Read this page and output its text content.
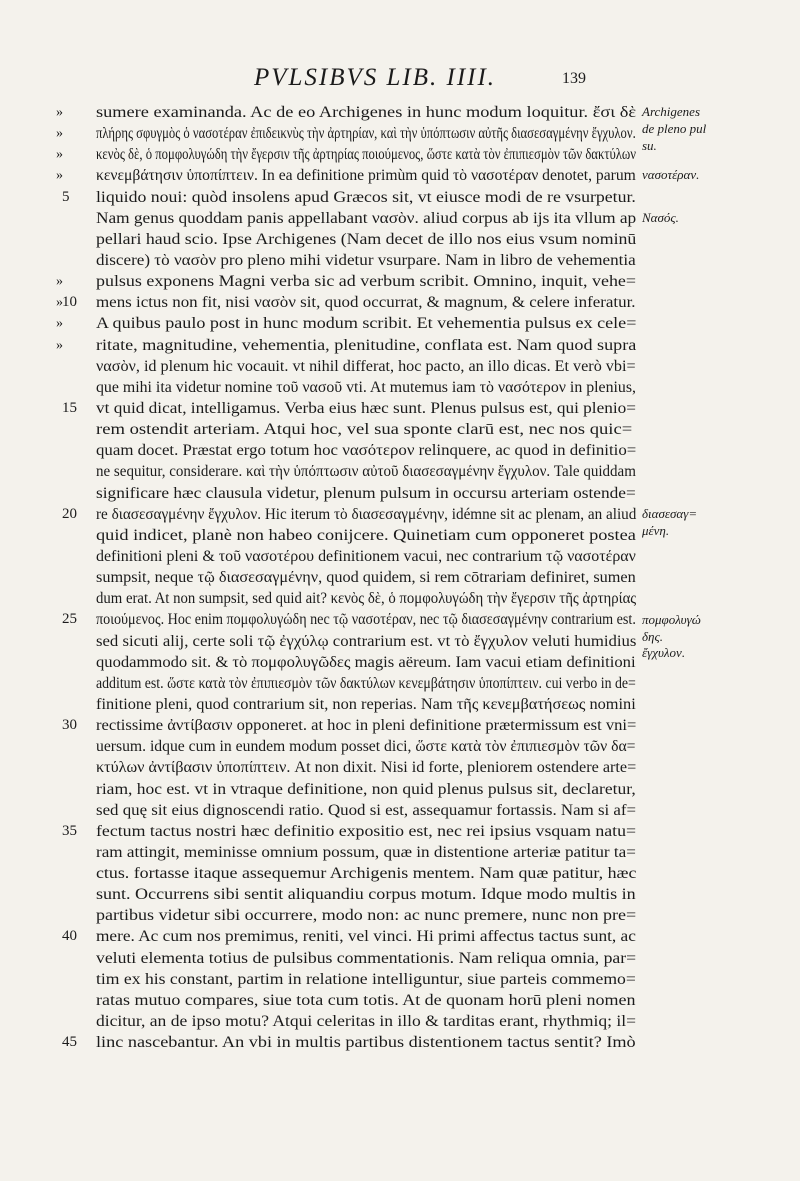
PVLSIBVS LIB. IIII.	139
» sumere examinanda. Ac de eo Archigenes in hunc modum loquitur. ἔσι δὲ
» πλήρης σφυγμὸς ὁ νασοτέραν ἐπιδεικνὺς τὴν ἀρτηρίαν, καὶ τὴν ὑπόπτωσιν αὐτῆς διασεσαγμένην ἔγχυλον.
» κενὸς δὲ, ὁ πομφολυγώδη τὴν ἔγερσιν τῆς ἀρτηρίας ποιούμενος, ὥστε κατὰ τὸν ἐπιπιεσμὸν τῶν δακτύλων
» κενεμβάτησιν ὑποπίπτειν. In ea definitione primùm quid τὸ νασοτέραν denotet, parum
5 liquido noui: quòd insolens apud Græcos sit, vt eiusce modi de re vsurpetur.
Nam genus quoddam panis appellabant νασὸν. aliud corpus ab ijs ita vllum ap
pellari haud scio. Ipse Archigenes (Nam decet de illo nos eius vsum nominū
discere) τὸ νασὸν pro pleno mihi videtur vsurpare. Nam in libro de vehementia
» pulsus exponens Magni verba sic ad verbum scribit. Omnino, inquit, vehe=
» 10 mens ictus non fit, nisi νασὸν sit, quod occurrat, & magnum, & celere inferatur.
» A quibus paulo post in hunc modum scribit. Et vehementia pulsus ex cele=
» ritate, magnitudine, vehementia, plenitudine, conflata est. Nam quod supra
νασὸν, id plenum hic vocauit. vt nihil differat, hoc pacto, an illo dicas. Et verò vbi=
que mihi ita videtur nomine τοῦ νασοῦ vti. At mutemus iam τὸ νασότερον in plenius,
15 vt quid dicat, intelligamus. Verba eius hæc sunt. Plenus pulsus est, qui plenio=
rem ostendit arteriam. Atqui hoc, vel sua sponte clarū est, nec nos quic=
quam docet. Præstat ergo totum hoc νασότερον relinquere, ac quod in definitio=
ne sequitur, considerare. καὶ τὴν ὑπόπτωσιν αὐτοῦ διασεσαγμένην ἔγχυλον. Tale quiddam
significare hæc clausula videtur, plenum pulsum in occursu arteriam ostende=
20 re διασεσαγμένην ἔγχυλον. Hic iterum τὸ διασεσαγμένην, idémne sit ac plenam, an aliud
quid indicet, planè non habeo conijcere. Quinetiam cum opponeret postea
definitioni pleni & τοῦ νασοτέρου definitionem vacui, nec contrarium τῷ νασοτέραν
sumpsit, neque τῷ διασεσαγμένην, quod quidem, si rem cōtrariam definiret, sumen
dum erat. At non sumpsit, sed quid ait? κενὸς δὲ, ὁ πομφολυγώδη τὴν ἔγερσιν τῆς ἀρτηρίας
25 ποιούμενος. Hoc enim πομφολυγώδη nec τῷ νασοτέραν, nec τῷ διασεσαγμένην contrarium est.
sed sicuti alij, certe soli τῷ ἐγχύλῳ contrarium est. vt τὸ ἔγχυλον veluti humidius
quodammodo sit. & τὸ πομφολυγῶδες magis aëreum. Iam vacui etiam definitioni
additum est. ὥστε κατὰ τὸν ἐπιπιεσμὸν τῶν δακτύλων κενεμβάτησιν ὑποπίπτειν. cui verbo in de=
finitione pleni, quod contrarium sit, non reperias. Nam τῆς κενεμβατήσεως nomini
30 rectissime ἀντίβασιν opponeret. at hoc in pleni definitione prætermissum est vni=
uersum. idque cum in eundem modum posset dici, ὥστε κατὰ τὸν ἐπιπιεσμὸν τῶν δα=
κτύλων ἀντίβασιν ὑποπίπτειν. At non dixit. Nisi id forte, pleniorem ostendere arte=
riam, hoc est. vt in vtraque definitione, non quid plenus pulsus sit, declaretur,
sed quę sit eius dignoscendi ratio. Quod si est, assequamur fortassis. Nam si af=
35 fectum tactus nostri hæc definitio expositio est, nec rei ipsius vsquam natu=
ram attingit, meminisse omnium possum, quæ in distentione arteriæ patitur ta=
ctus. fortasse itaque assequemur Archigenis mentem. Nam quæ patitur, hæc
sunt. Occurrens sibi sentit aliquandiu corpus motum. Idque modo multis in
partibus videtur sibi occurrere, modo non: ac nunc premere, nunc non pre=
40 mere. Ac cum nos premimus, reniti, vel vinci. Hi primi affectus tactus sunt, ac
veluti elementa totius de pulsibus commentationis. Nam reliqua omnia, par=
tim ex his constant, partim in relatione intelliguntur, siue parteis commemo=
ratas mutuo compares, siue tota cum totis. At de quonam horū pleni nomen
dicitur, an de ipso motu? Atqui celeritas in illo & tarditas erant, rhythmiq; il=
45 linc nascebantur. An vbi in multis partibus distentionem tactus sentit? Imò
Archigenes
de pleno pul
su.
νασοτέραν.
Νασός.
διασεσαγ=
μένη.
πομφολυγώ
δης.
ἔγχυλον.
